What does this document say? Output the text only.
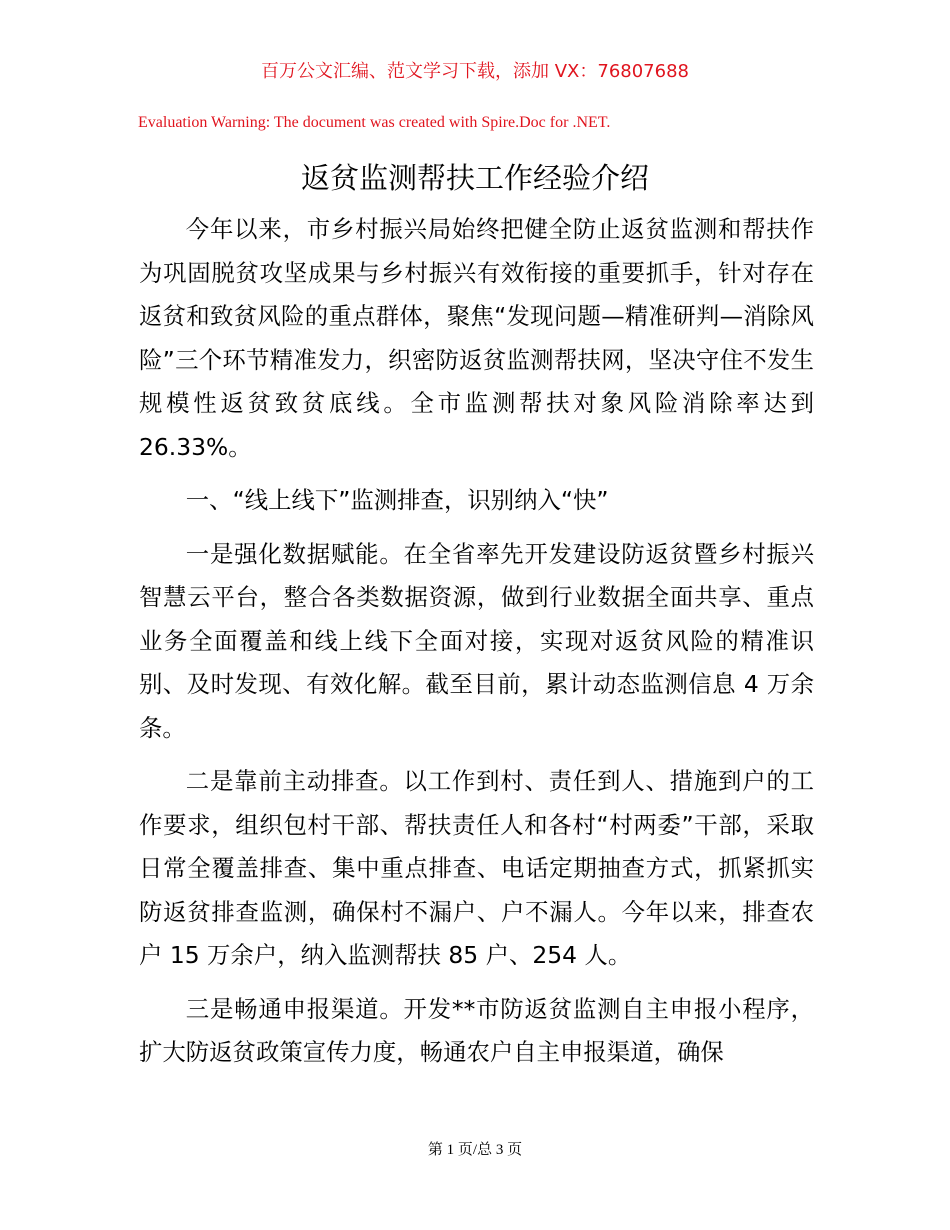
百万公文汇编、范文学习下载，添加 VX：76807688
Evaluation Warning: The document was created with Spire.Doc for .NET.
返贫监测帮扶工作经验介绍

今年以来，市乡村振兴局始终把健全防止返贫监测和帮扶作为巩固脱贫攻坚成果与乡村振兴有效衔接的重要抓手，针对存在返贫和致贫风险的重点群体，聚焦“发现问题—精准研判—消除风险”三个环节精准发力，织密防返贫监测帮扶网，坚决守住不发生规模性返贫致贫底线。全市监测帮扶对象风险消除率达到 26.33%。

一、“线上线下”监测排查，识别纳入“快”

一是强化数据赋能。在全省率先开发建设防返贫暨乡村振兴智慧云平台，整合各类数据资源，做到行业数据全面共享、重点业务全面覆盖和线上线下全面对接，实现对返贫风险的精准识别、及时发现、有效化解。截至目前，累计动态监测信息 4 万余条。

二是靠前主动排查。以工作到村、责任到人、措施到户的工作要求，组织包村干部、帮扶责任人和各村“村两委”干部，采取日常全覆盖排查、集中重点排查、电话定期抽查方式，抓紧抓实防返贫排查监测，确保村不漏户、户不漏人。今年以来，排查农户 15 万余户，纳入监测帮扶 85 户、254 人。

三是畅通申报渠道。开发**市防返贫监测自主申报小程序，扩大防返贫政策宣传力度，畅通农户自主申报渠道，确保

第 1 页/总 3 页
